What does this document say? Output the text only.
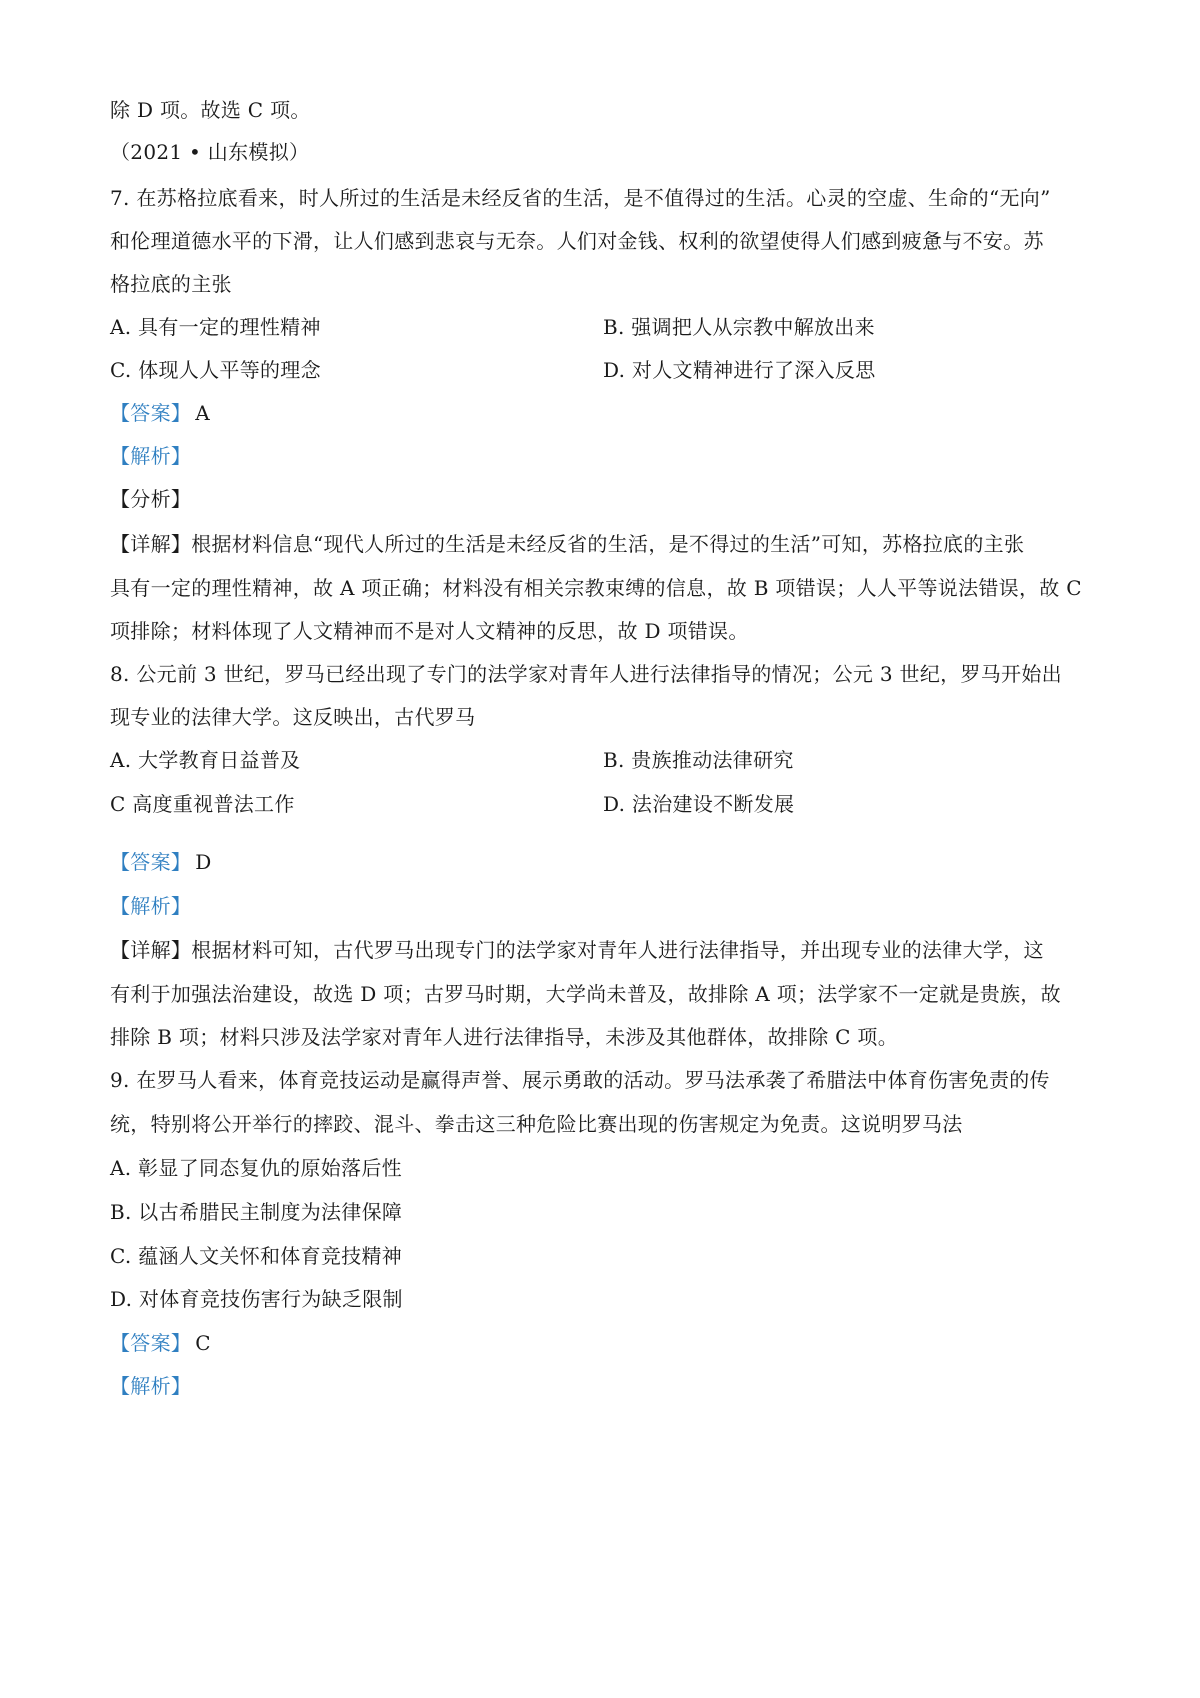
除 D 项。故选 C 项。
（2021 • 山东模拟）
7. 在苏格拉底看来，时人所过的生活是未经反省的生活，是不值得过的生活。心灵的空虚、生命的“无向”
和伦理道德水平的下滑，让人们感到悲哀与无奈。人们对金钱、权利的欲望使得人们感到疲惫与不安。苏
格拉底的主张
A. 具有一定的理性精神	B. 强调把人从宗教中解放出来
C. 体现人人平等的理念	D. 对人文精神进行了深入反思
【答案】 A
【解析】
【分析】
【详解】根据材料信息“现代人所过的生活是未经反省的生活，是不得过的生活”可知，苏格拉底的主张
具有一定的理性精神，故 A 项正确；材料没有相关宗教束缚的信息，故 B 项错误；人人平等说法错误，故 C
项排除；材料体现了人文精神而不是对人文精神的反思，故 D 项错误。
8. 公元前 3 世纪，罗马已经出现了专门的法学家对青年人进行法律指导的情况；公元 3 世纪，罗马开始出
现专业的法律大学。这反映出，古代罗马
A. 大学教育日益普及	B. 贵族推动法律研究
C 高度重视普法工作	D. 法治建设不断发展
【答案】 D
【解析】
【详解】根据材料可知，古代罗马出现专门的法学家对青年人进行法律指导，并出现专业的法律大学，这
有利于加强法治建设，故选 D 项；古罗马时期，大学尚未普及，故排除 A 项；法学家不一定就是贵族，故
排除 B 项；材料只涉及法学家对青年人进行法律指导，未涉及其他群体，故排除 C 项。
9. 在罗马人看来，体育竞技运动是赢得声誉、展示勇敢的活动。罗马法承袭了希腊法中体育伤害免责的传
统，特别将公开举行的摔跤、混斗、拳击这三种危险比赛出现的伤害规定为免责。这说明罗马法
A. 彰显了同态复仇的原始落后性
B. 以古希腊民主制度为法律保障
C. 蕴涵人文关怀和体育竞技精神
D. 对体育竞技伤害行为缺乏限制
【答案】 C
【解析】
